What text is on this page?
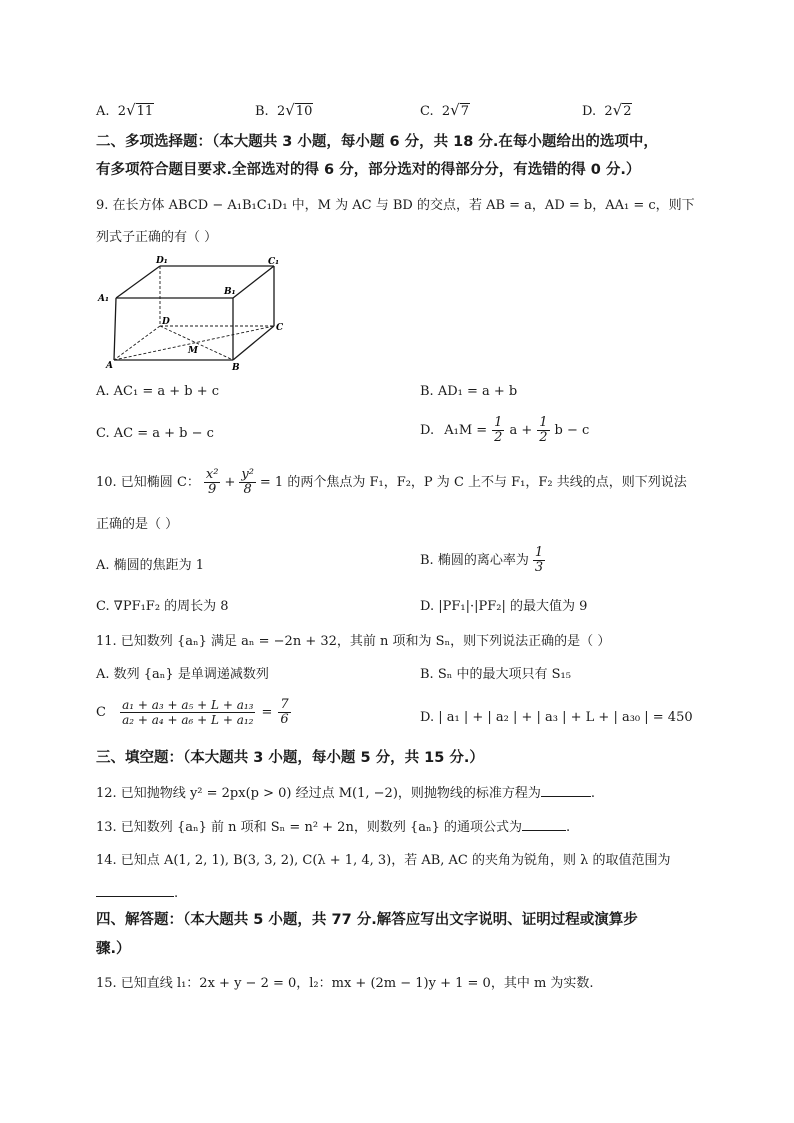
A. 2√11	B. 2√10	C. 2√7	D. 2√2
二、多项选择题：（本大题共 3 小题，每小题 6 分，共 18 分.在每小题给出的选项中，
有多项符合题目要求.全部选对的得 6 分，部分选对的得部分分，有选错的得 0 分.）
9. 在长方体 ABCD − A₁B₁C₁D₁ 中，M 为 AC 与 BD 的交点，若 AB = a，AD = b，AA₁ = c，则下
列式子正确的有（ ）
D₁	C₁
A₁
B₁
D
C
M
A	B
A. AC₁ = a + b + c	B. AD₁ = a + b
C. AC = a + b − c	D.
$A_1M = \frac{1}{2}$ $a + \frac{1}{2}$ b − c
10. 已知椭圆 C： $\frac{\text{x²}}{9} + \frac{\text{y²}}{8} = 1$ 的两个焦点为 F₁，F₂，P 为 C 上不与 F₁，F₂ 共线的点，则下列说法
正确的是（ ）
A. 椭圆的焦距为 1	B. 椭圆的离心率为 $\frac{1}{3}$
C. ∇PF₁F₂ 的周长为 8	D. |PF₁|·|PF₂| 的最大值为 9
11. 已知数列 {aₙ} 满足 aₙ = −2n + 32，其前 n 项和为 Sₙ，则下列说法正确的是（ ）
A. 数列 {aₙ} 是单调递减数列	B. Sₙ 中的最大项只有 S₁₅
C
$\frac{\text{a₁ + a₃ + a₅ + L + a₁₃}}{\text{a₂ + a₄ + a₆ + L + a₁₂}} = \frac{7}{6}$	D. | a₁ | + | a₂ | + | a₃ | + L + | a₃₀ | = 450
三、填空题：（本大题共 3 小题，每小题 5 分，共 15 分.）
12. 已知抛物线 y² = 2px(p > 0) 经过点 M(1, −2)，则抛物线的标准方程为	.
13. 已知数列 {aₙ} 前 n 项和 Sₙ = n² + 2n，则数列 {aₙ} 的通项公式为	.
14. 已知点 A(1, 2, 1), B(3, 3, 2), C(λ + 1, 4, 3)，若 AB, AC 的夹角为锐角，则 λ 的取值范围为
.
四、解答题：（本大题共 5 小题，共 77 分.解答应写出文字说明、证明过程或演算步
骤.）
15. 已知直线 l₁：2x + y − 2 = 0，l₂：mx + (2m − 1)y + 1 = 0，其中 m 为实数.
